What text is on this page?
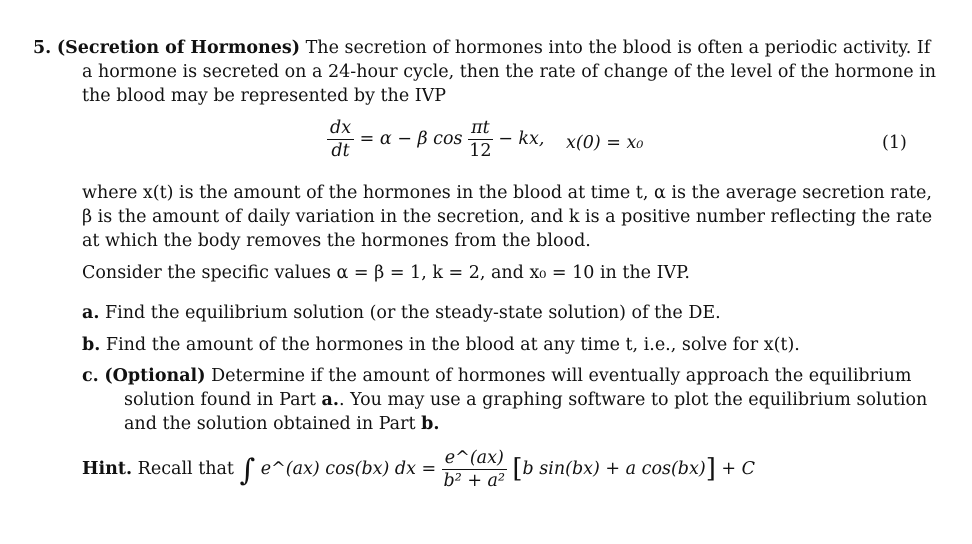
5. (Secretion of Hormones) The secretion of hormones into the blood is often a periodic activity. If
a hormone is secreted on a 24-hour cycle, then the rate of change of the level of the hormone in
the blood may be represented by the IVP
$\frac{dx}{dt} = \alpha - \beta$ $\cos \frac{\pi t}{12}$ − kx, x(0) = x₀	(1)
where x(t) is the amount of the hormones in the blood at time t, α is the average secretion rate,
β is the amount of daily variation in the secretion, and k is a positive number reflecting the rate
at which the body removes the hormones from the blood.
Consider the specific values α = β = 1, k = 2, and x₀ = 10 in the IVP.
a. Find the equilibrium solution (or the steady-state solution) of the DE.
b. Find the amount of the hormones in the blood at any time t, i.e., solve for x(t).
c. (Optional) Determine if the amount of hormones will eventually approach the equilibrium
solution found in Part a.. You may use a graphing software to plot the equilibrium solution
and the solution obtained in Part b.
Hint. Recall that ∫ e^(ax) cos(bx) dx = $\frac{e\^{}(ax)}{\text{b² + a²}} [b$ sin(bx) + a cos(bx)] + C
